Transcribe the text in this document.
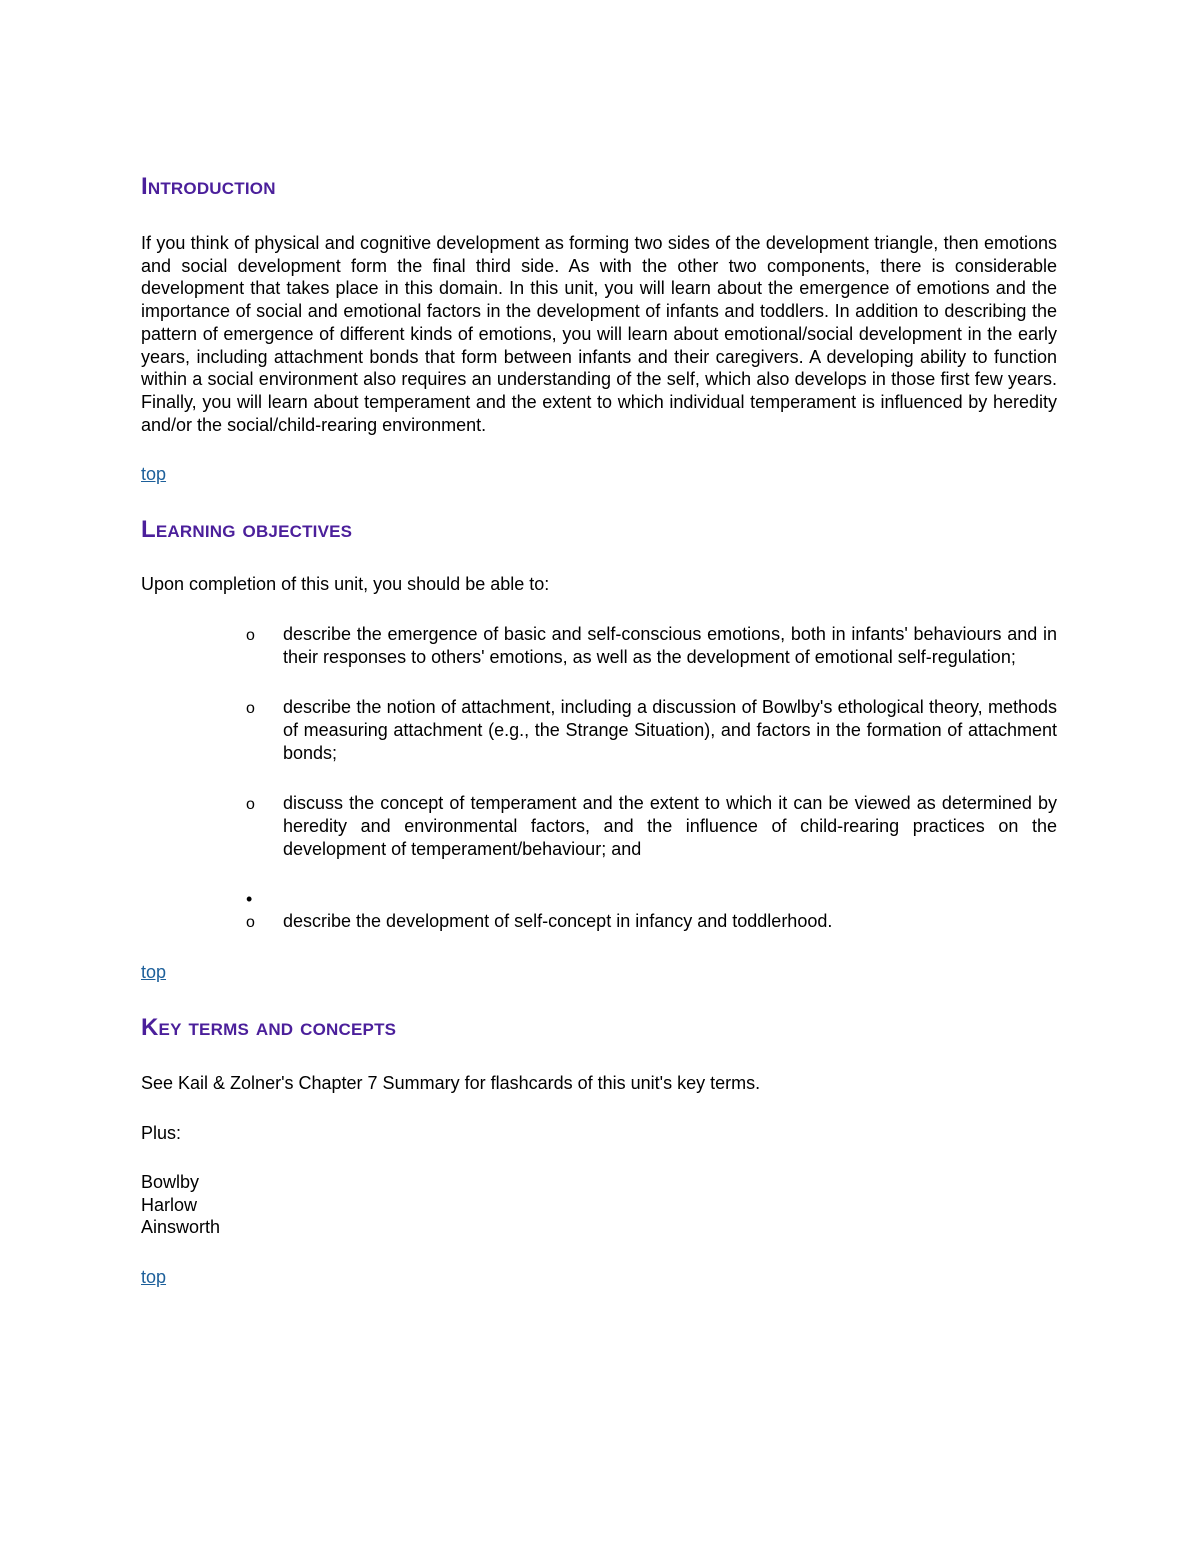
Introduction

If you think of physical and cognitive development as forming two sides of the development triangle, then emotions and social development form the final third side. As with the other two components, there is considerable development that takes place in this domain. In this unit, you will learn about the emergence of emotions and the importance of social and emotional factors in the development of infants and toddlers. In addition to describing the pattern of emergence of different kinds of emotions, you will learn about emotional/social development in the early years, including attachment bonds that form between infants and their caregivers. A developing ability to function within a social environment also requires an understanding of the self, which also develops in those first few years. Finally, you will learn about temperament and the extent to which individual temperament is influenced by heredity and/or the social/child-rearing environment.

top
Learning objectives

Upon completion of this unit, you should be able to:

o describe the emergence of basic and self-conscious emotions, both in infants' behaviours and in their responses to others' emotions, as well as the development of emotional self-regulation;
o describe the notion of attachment, including a discussion of Bowlby's ethological theory, methods of measuring attachment (e.g., the Strange Situation), and factors in the formation of attachment bonds;
o discuss the concept of temperament and the extent to which it can be viewed as determined by heredity and environmental factors, and the influence of child-rearing practices on the development of temperament/behaviour; and
•
o describe the development of self-concept in infancy and toddlerhood.
top
Key terms and concepts

See Kail & Zolner's Chapter 7 Summary for flashcards of this unit's key terms.

Plus:

Bowlby
Harlow
Ainsworth
top
